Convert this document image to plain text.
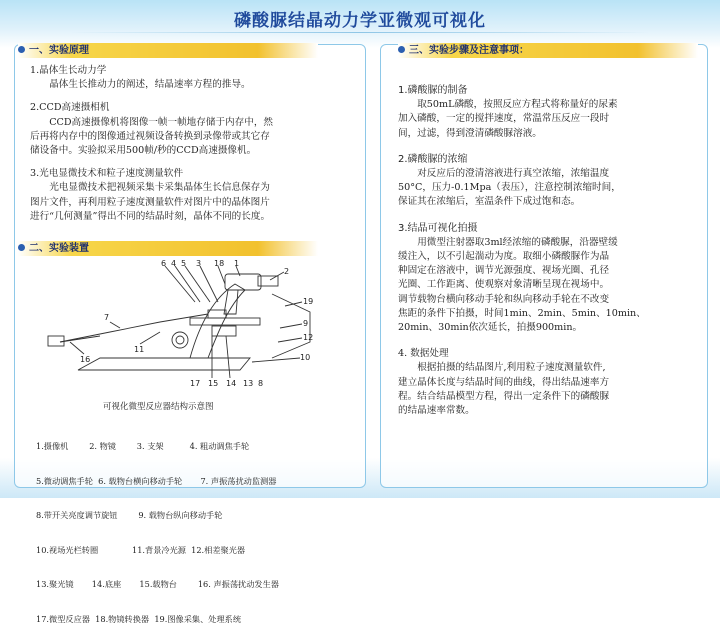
磷酸脲结晶动力学亚微观可视化
一、实验原理
1.晶体生长动力学
晶体生长推动力的阐述，结晶速率方程的推导。
2.CCD高速摄相机
CCD高速摄像机将图像一帧一帧地存储于内存中，然
后再将内存中的图像通过视频设备转换到录像带或其它存
储设备中。实验拟采用500帧/秒的CCD高速摄像机。
3.光电显微技术和粒子速度测量软件
光电显微技术把视频采集卡采集晶体生长信息保存为
图片文件，再利用粒子速度测量软件对图片中的晶体图片
进行“几何测量”得出不同的结晶时刻，晶体不同的长度。
二、实验装置
6 4 5 3 18 1
2
19
9
12
10
14
15	13
11
7
16
17	8
可视化微型反应器结构示意图

1.摄像机        2. 物镜        3. 支架          4. 粗动调焦手轮

5.微动调焦手轮  6. 载物台横向移动手轮       7. 声振荡扰动监测器

8.带开关亮度调节旋钮        9. 载物台纵向移动手轮

10.视场光栏转圈             11.背景冷光源  12.相差聚光器

13.聚光镜       14.底座       15.载物台        16. 声振荡扰动发生器

17.微型反应器  18.物镜转换器  19.图像采集、处理系统

三、实验步骤及注意事项：
1.磷酸脲的制备
取50mL磷酸，按照反应方程式将称量好的尿素
加入磷酸，一定的搅拌速度，常温常压反应一段时
间，过滤，得到澄清磷酸脲溶液。
2.磷酸脲的浓缩
对反应后的澄清溶液进行真空浓缩，浓缩温度
50°C，压力-0.1Mpa（表压），注意控制浓缩时间，
保证其在浓缩后，室温条件下成过饱和态。
3.结晶可视化拍摄
用微型注射器取3ml经浓缩的磷酸脲，沿器壁缓
缓注入，以不引起湍动为度。取细小磷酸脲作为晶
种固定在溶液中，调节光源强度、视场光圈、孔径
光圈、工作距离、使观察对象清晰呈现在视场中。
调节载物台横向移动手轮和纵向移动手轮在不改变
焦距的条件下拍摄，时间1min、2min、5min、10min、
20min、30min依次延长，拍摄900min。
4. 数据处理
根据拍摄的结晶图片,利用粒子速度测量软件,
建立晶体长度与结晶时间的曲线，得出结晶速率方
程。结合结晶模型方程，得出一定条件下的磷酸脲
的结晶速率常数。
